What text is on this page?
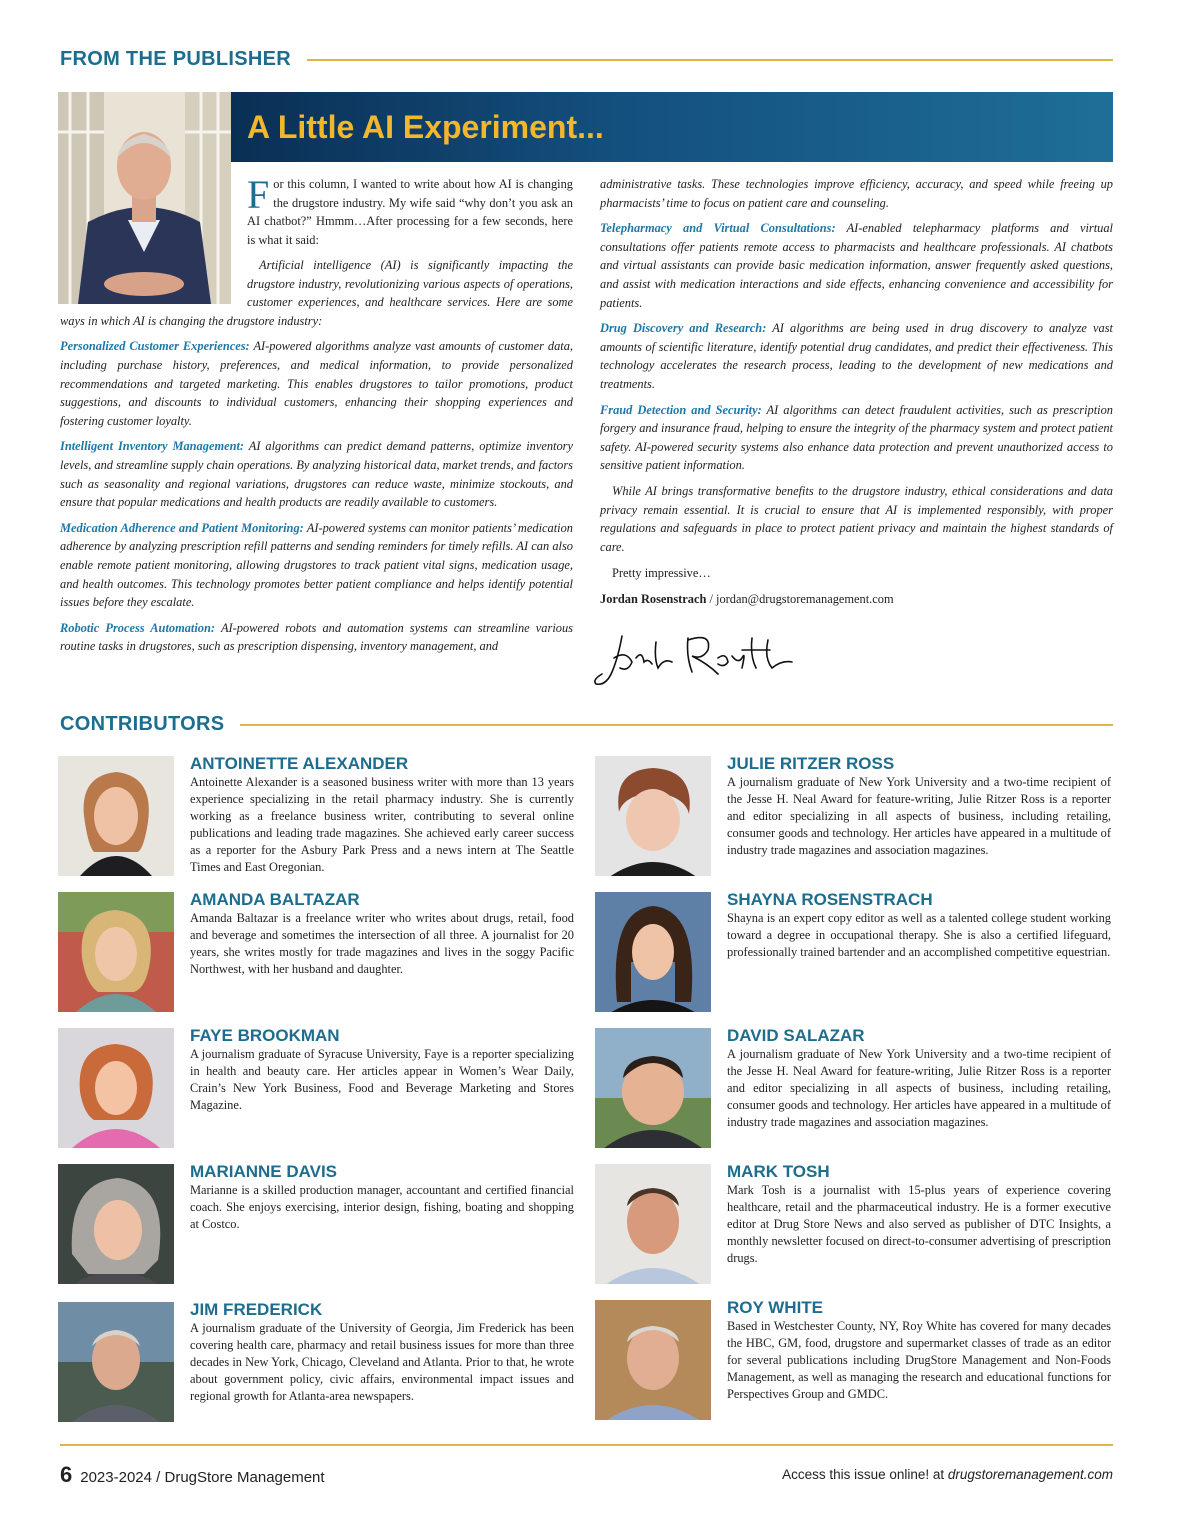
FROM THE PUBLISHER
A Little AI Experiment...

For this column, I wanted to write about how AI is changing the drugstore industry. My wife said “why don’t you ask an AI chatbot?” Hmmm…After processing for a few seconds, here is what it said:

Artificial intelligence (AI) is significantly impacting the drugstore industry, revolutionizing various aspects of operations, customer experiences, and healthcare services. Here are some ways in which AI is changing the drugstore industry:

Personalized Customer Experiences: AI-powered algorithms analyze vast amounts of customer data, including purchase history, preferences, and medical information, to provide personalized recommendations and targeted marketing. This enables drugstores to tailor promotions, product suggestions, and discounts to individual customers, enhancing their shopping experiences and fostering customer loyalty.

Intelligent Inventory Management: AI algorithms can predict demand patterns, optimize inventory levels, and streamline supply chain operations. By analyzing historical data, market trends, and factors such as seasonality and regional variations, drugstores can reduce waste, minimize stockouts, and ensure that popular medications and health products are readily available to customers.

Medication Adherence and Patient Monitoring: AI-powered systems can monitor patients’ medication adherence by analyzing prescription refill patterns and sending reminders for timely refills. AI can also enable remote patient monitoring, allowing drugstores to track patient vital signs, medication usage, and health outcomes. This technology promotes better patient compliance and helps identify potential issues before they escalate.

Robotic Process Automation: AI-powered robots and automation systems can streamline various routine tasks in drugstores, such as prescription dispensing, inventory management, and

administrative tasks. These technologies improve efficiency, accuracy, and speed while freeing up pharmacists’ time to focus on patient care and counseling.

Telepharmacy and Virtual Consultations: AI-enabled telepharmacy platforms and virtual consultations offer patients remote access to pharmacists and healthcare professionals. AI chatbots and virtual assistants can provide basic medication information, answer frequently asked questions, and assist with medication interactions and side effects, enhancing convenience and accessibility for patients.

Drug Discovery and Research: AI algorithms are being used in drug discovery to analyze vast amounts of scientific literature, identify potential drug candidates, and predict their effectiveness. This technology accelerates the research process, leading to the development of new medications and treatments.

Fraud Detection and Security: AI algorithms can detect fraudulent activities, such as prescription forgery and insurance fraud, helping to ensure the integrity of the pharmacy system and protect patient safety. AI-powered security systems also enhance data protection and prevent unauthorized access to sensitive patient information.

While AI brings transformative benefits to the drugstore industry, ethical considerations and data privacy remain essential. It is crucial to ensure that AI is implemented responsibly, with proper regulations and safeguards in place to protect patient privacy and maintain the highest standards of care.

Pretty impressive…

Jordan Rosenstrach / jordan@drugstoremanagement.com

CONTRIBUTORS
ANTOINETTE ALEXANDER
Antoinette Alexander is a seasoned business writer with more than 13 years experience specializing in the retail pharmacy industry. She is currently working as a freelance business writer, contributing to several online publications and leading trade magazines. She achieved early career success as a reporter for the Asbury Park Press and a news intern at The Seattle Times and East Oregonian.
AMANDA BALTAZAR
Amanda Baltazar is a freelance writer who writes about drugs, retail, food and beverage and sometimes the intersection of all three. A journalist for 20 years, she writes mostly for trade magazines and lives in the soggy Pacific Northwest, with her husband and daughter.
FAYE BROOKMAN
A journalism graduate of Syracuse University, Faye is a reporter specializing in health and beauty care. Her articles appear in Women’s Wear Daily, Crain’s New York Business, Food and Beverage Marketing and Stores Magazine.
MARIANNE DAVIS
Marianne is a skilled production manager, accountant and certified financial coach. She enjoys exercising, interior design, fishing, boating and shopping at Costco.
JIM FREDERICK
A journalism graduate of the University of Georgia, Jim Frederick has been covering health care, pharmacy and retail business issues for more than three decades in New York, Chicago, Cleveland and Atlanta. Prior to that, he wrote about government policy, civic affairs, environmental impact issues and regional growth for Atlanta-area newspapers.
JULIE RITZER ROSS
A journalism graduate of New York University and a two-time recipient of the Jesse H. Neal Award for feature-writing, Julie Ritzer Ross is a reporter and editor specializing in all aspects of business, including retailing, consumer goods and technology. Her articles have appeared in a multitude of industry trade magazines and association magazines.
SHAYNA ROSENSTRACH
Shayna is an expert copy editor as well as a talented college student working toward a degree in occupational therapy. She is also a certified lifeguard, professionally trained bartender and an accomplished competitive equestrian.
DAVID SALAZAR
A journalism graduate of New York University and a two-time recipient of the Jesse H. Neal Award for feature-writing, Julie Ritzer Ross is a reporter and editor specializing in all aspects of business, including retailing, consumer goods and technology. Her articles have appeared in a multitude of industry trade magazines and association magazines.
MARK TOSH
Mark Tosh is a journalist with 15-plus years of experience covering healthcare, retail and the pharmaceutical industry. He is a former executive editor at Drug Store News and also served as publisher of DTC Insights, a monthly newsletter focused on direct-to-consumer advertising of prescription drugs.
ROY WHITE
Based in Westchester County, NY, Roy White has covered for many decades the HBC, GM, food, drugstore and supermarket classes of trade as an editor for several publications including DrugStore Management and Non-Foods Management, as well as managing the research and educational functions for Perspectives Group and GMDC.
6 2023-2024 / DrugStore Management	Access this issue online! at drugstoremanagement.com
